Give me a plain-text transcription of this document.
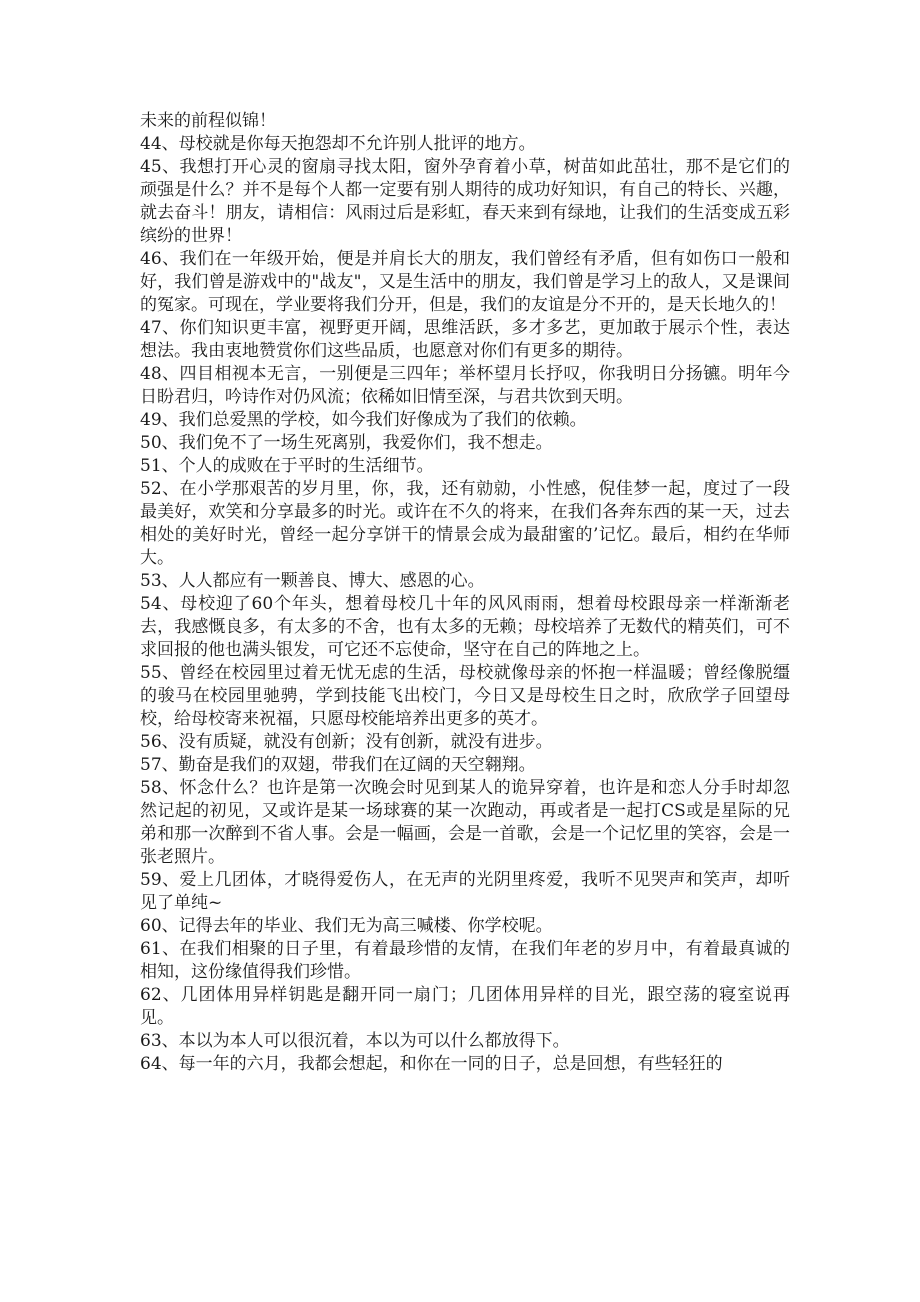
未来的前程似锦！

44、母校就是你每天抱怨却不允许别人批评的地方。

45、我想打开心灵的窗扇寻找太阳，窗外孕育着小草，树苗如此茁壮，那不是它们的顽强是什么？并不是每个人都一定要有别人期待的成功好知识，有自己的特长、兴趣，就去奋斗！朋友，请相信：风雨过后是彩虹，春天来到有绿地，让我们的生活变成五彩缤纷的世界！

46、我们在一年级开始，便是并肩长大的朋友，我们曾经有矛盾，但有如伤口一般和好，我们曾是游戏中的"战友"，又是生活中的朋友，我们曾是学习上的敌人，又是课间的冤家。可现在，学业要将我们分开，但是，我们的友谊是分不开的，是天长地久的！

47、你们知识更丰富，视野更开阔，思维活跃，多才多艺，更加敢于展示个性，表达想法。我由衷地赞赏你们这些品质，也愿意对你们有更多的期待。

48、四目相视本无言，一别便是三四年；举杯望月长抒叹，你我明日分扬镳。明年今日盼君归，吟诗作对仍风流；依稀如旧情至深，与君共饮到天明。

49、我们总爱黑的学校，如今我们好像成为了我们的依赖。

50、我们免不了一场生死离别，我爱你们，我不想走。

51、个人的成败在于平时的生活细节。

52、在小学那艰苦的岁月里，你，我，还有勍勍，小性感，倪佳梦一起，度过了一段最美好，欢笑和分享最多的时光。或许在不久的将来，在我们各奔东西的某一天，过去相处的美好时光，曾经一起分享饼干的情景会成为最甜蜜的’记忆。最后，相约在华师大。

53、人人都应有一颗善良、博大、感恩的心。

54、母校迎了60个年头，想着母校几十年的风风雨雨，想着母校跟母亲一样渐渐老去，我感慨良多，有太多的不舍，也有太多的无赖；母校培养了无数代的精英们，可不求回报的他也满头银发，可它还不忘使命，坚守在自己的阵地之上。

55、曾经在校园里过着无忧无虑的生活，母校就像母亲的怀抱一样温暖；曾经像脱缰的骏马在校园里驰骋，学到技能飞出校门，今日又是母校生日之时，欣欣学子回望母校，给母校寄来祝福，只愿母校能培养出更多的英才。

56、没有质疑，就没有创新；没有创新，就没有进步。

57、勤奋是我们的双翅，带我们在辽阔的天空翱翔。

58、怀念什么？也许是第一次晚会时见到某人的诡异穿着，也许是和恋人分手时却忽然记起的初见，又或许是某一场球赛的某一次跑动，再或者是一起打CS或是星际的兄弟和那一次醉到不省人事。会是一幅画，会是一首歌，会是一个记忆里的笑容，会是一张老照片。

59、爱上几团体，才晓得爱伤人，在无声的光阴里疼爱，我听不见哭声和笑声，却听见了单纯~

60、记得去年的毕业、我们无为高三喊楼、你学校呢。

61、在我们相聚的日子里，有着最珍惜的友情，在我们年老的岁月中，有着最真诚的相知，这份缘值得我们珍惜。

62、几团体用异样钥匙是翻开同一扇门；几团体用异样的目光，跟空荡的寝室说再见。

63、本以为本人可以很沉着，本以为可以什么都放得下。

64、每一年的六月，我都会想起，和你在一同的日子，总是回想，有些轻狂的
